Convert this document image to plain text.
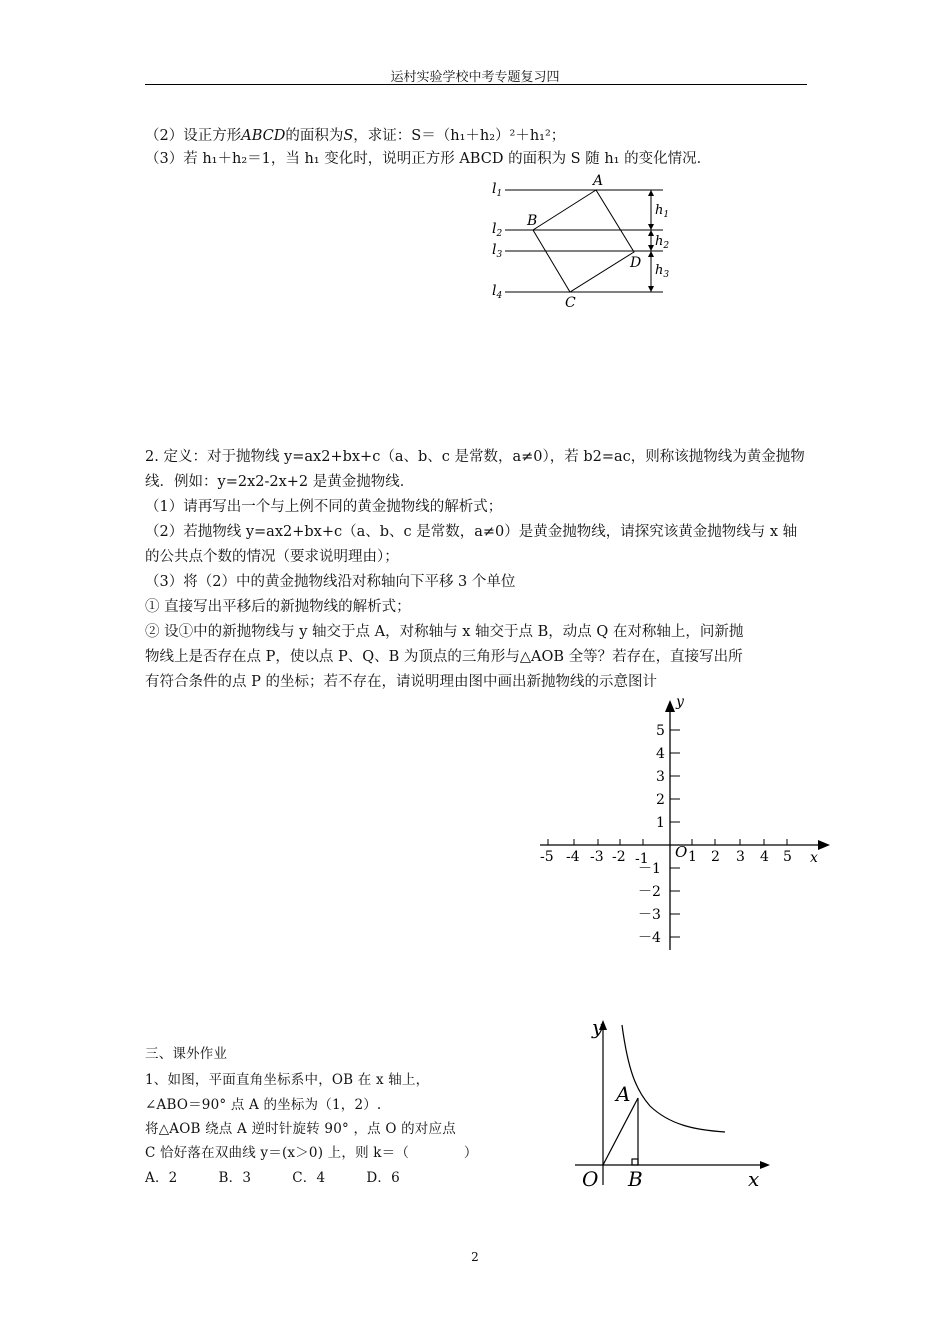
运村实验学校中考专题复习四
（2）设正方形ABCD的面积为S，求证：S＝（h₁＋h₂）²＋h₁²；
（3）若 h₁＋h₂＝1，当 h₁ 变化时，说明正方形 ABCD 的面积为 S 随 h₁ 的变化情况．
$l_1$
$l_2$
$l_3$
$l_4$
A
B
C
D
$h_1$
$h_2$
$h_3$
2. 定义：对于抛物线 y=ax2+bx+c（a、b、c 是常数，a≠0），若 b2=ac，则称该抛物线为黄金抛物
线．例如：y=2x2-2x+2 是黄金抛物线．
（1）请再写出一个与上例不同的黄金抛物线的解析式；
（2）若抛物线 y=ax2+bx+c（a、b、c 是常数，a≠0）是黄金抛物线，请探究该黄金抛物线与 x 轴
的公共点个数的情况（要求说明理由）；
（3）将（2）中的黄金抛物线沿对称轴向下平移 3 个单位
① 直接写出平移后的新抛物线的解析式；
② 设①中的新抛物线与 y 轴交于点 A，对称轴与 x 轴交于点 B，动点 Q 在对称轴上，问新抛
物线上是否存在点 P，使以点 P、Q、B 为顶点的三角形与△AOB 全等？若存在，直接写出所
有符合条件的点 P 的坐标；若不存在，请说明理由图中画出新抛物线的示意图计
-5 -4 -3 -2 -1	1 2 3 4 5
1
2
3
4
5
－1
－2
－3
－4
O	x
y
三、课外作业
1、如图，平面直角坐标系中，OB 在 x 轴上，
∠ABO＝90° 点 A 的坐标为（1，2）.
将△AOB 绕点 A 逆时针旋转 90° ，点 O 的对应点
C 恰好落在双曲线 y＝(x＞0) 上，则 k＝（　　　　）
A．2　　　B．3　　　C．4　　　D．6
y
x
O
A
B
2
